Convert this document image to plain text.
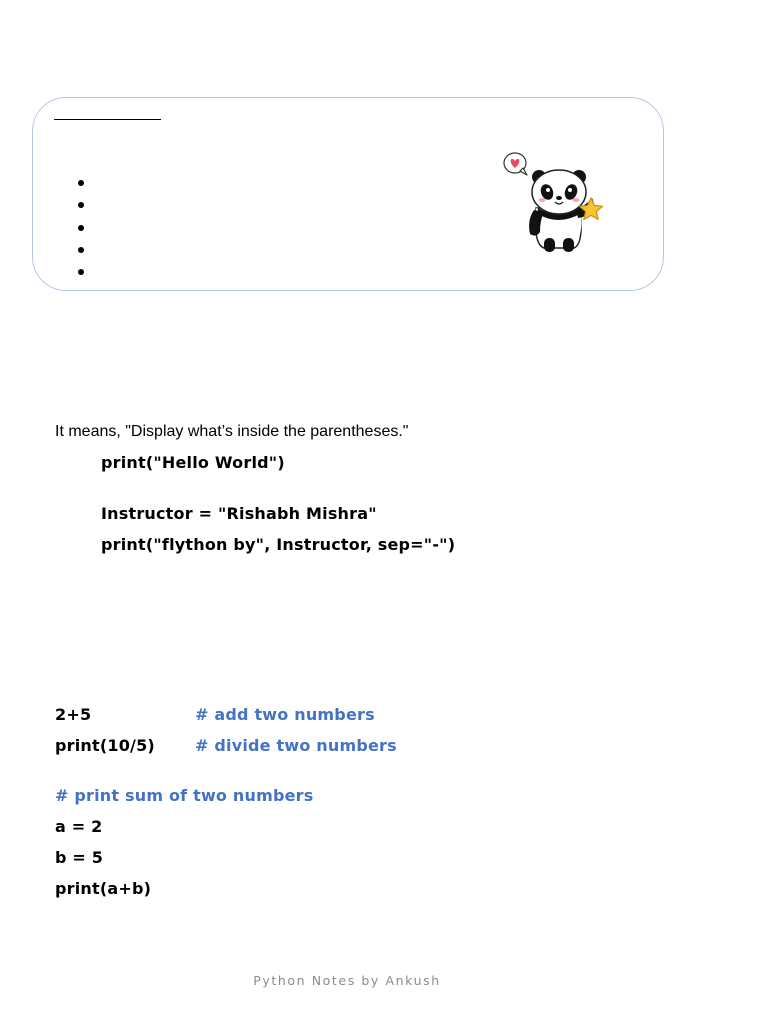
It means, "Display what’s inside the parentheses."
print("Hello World")
Instructor = "Rishabh Mishra"
print("flython by", Instructor, sep="-")
2+5	# add two numbers
print(10/5)	# divide two numbers
# print sum of two numbers
a = 2
b = 5
print(a+b)
Python Notes by Ankush
